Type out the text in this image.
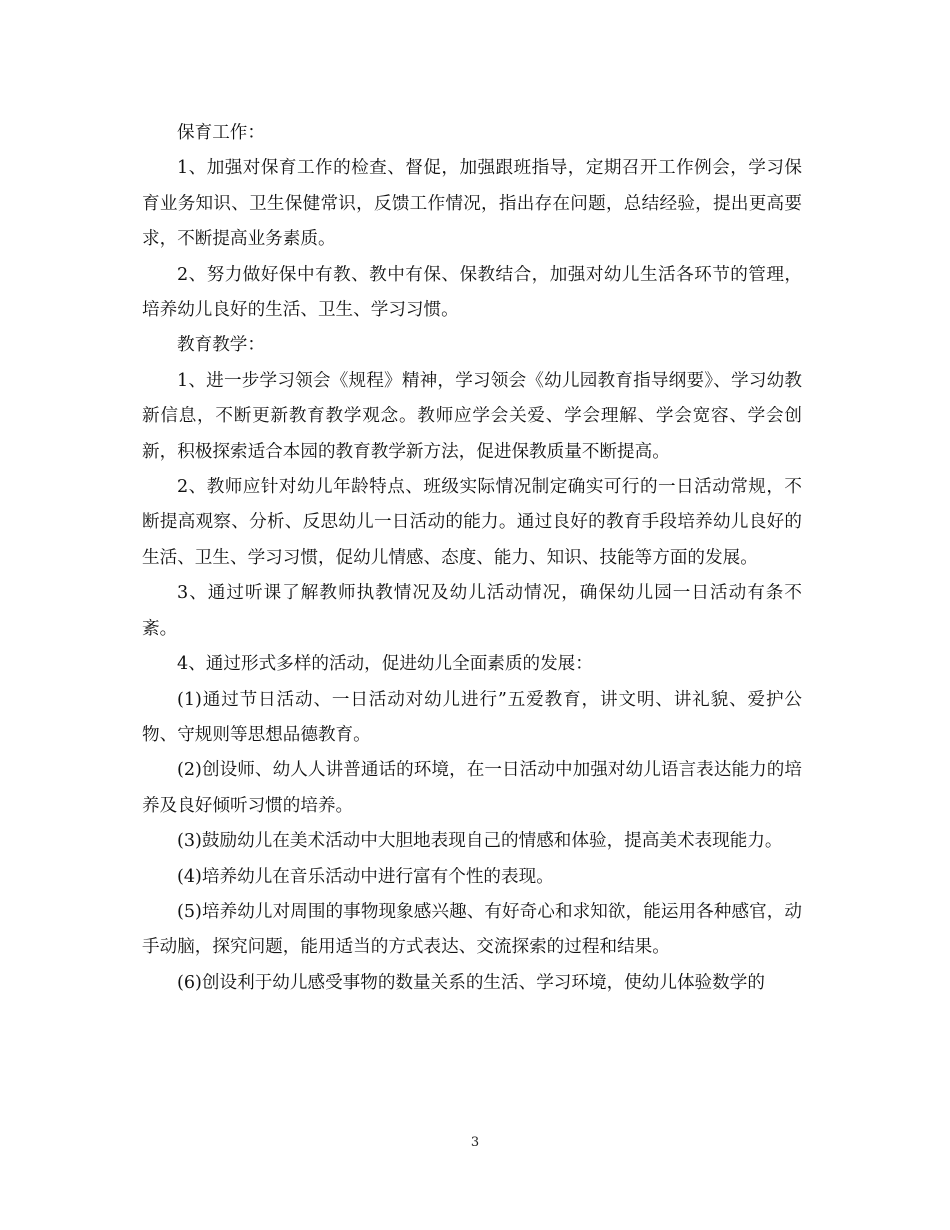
保育工作：

1、加强对保育工作的检查、督促，加强跟班指导，定期召开工作例会，学习保育业务知识、卫生保健常识，反馈工作情况，指出存在问题，总结经验，提出更高要求，不断提高业务素质。

2、努力做好保中有教、教中有保、保教结合，加强对幼儿生活各环节的管理，培养幼儿良好的生活、卫生、学习习惯。

教育教学：

1、进一步学习领会《规程》精神，学习领会《幼儿园教育指导纲要》、学习幼教新信息，不断更新教育教学观念。教师应学会关爱、学会理解、学会宽容、学会创新，积极探索适合本园的教育教学新方法，促进保教质量不断提高。

2、教师应针对幼儿年龄特点、班级实际情况制定确实可行的一日活动常规，不断提高观察、分析、反思幼儿一日活动的能力。通过良好的教育手段培养幼儿良好的生活、卫生、学习习惯，促幼儿情感、态度、能力、知识、技能等方面的发展。

3、通过听课了解教师执教情况及幼儿活动情况，确保幼儿园一日活动有条不紊。

4、通过形式多样的活动，促进幼儿全面素质的发展：

(1)通过节日活动、一日活动对幼儿进行”五爱教育，讲文明、讲礼貌、爱护公物、守规则等思想品德教育。

(2)创设师、幼人人讲普通话的环境，在一日活动中加强对幼儿语言表达能力的培养及良好倾听习惯的培养。

(3)鼓励幼儿在美术活动中大胆地表现自己的情感和体验，提高美术表现能力。

(4)培养幼儿在音乐活动中进行富有个性的表现。

(5)培养幼儿对周围的事物现象感兴趣、有好奇心和求知欲，能运用各种感官，动手动脑，探究问题，能用适当的方式表达、交流探索的过程和结果。

(6)创设利于幼儿感受事物的数量关系的生活、学习环境，使幼儿体验数学的

3
